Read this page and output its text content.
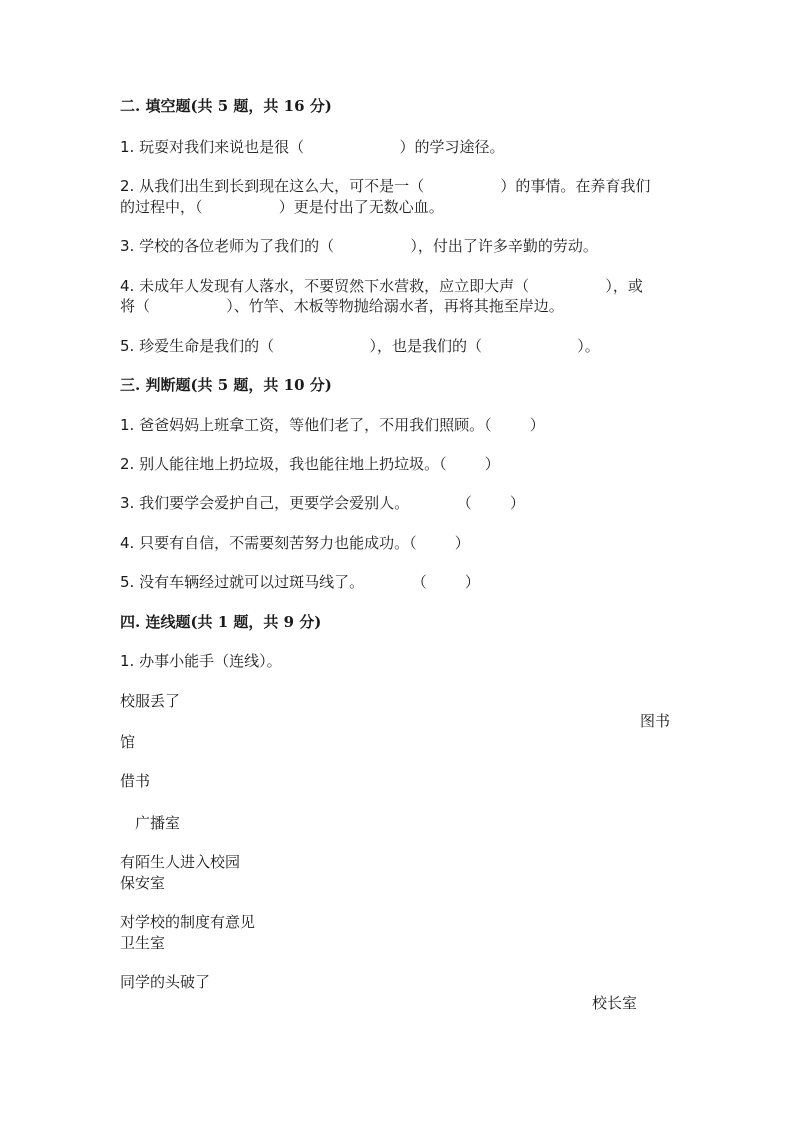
二. 填空题(共 5 题，共 16 分)
1. 玩耍对我们来说也是很（                    ）的学习途径。
2. 从我们出生到长到现在这么大，可不是一（                ）的事情。在养育我们
的过程中，（                ）更是付出了无数心血。
3. 学校的各位老师为了我们的（                ），付出了许多辛勤的劳动。
4. 未成年人发现有人落水，不要贸然下水营救，应立即大声（                ），或
将（                ）、竹竿、木板等物抛给溺水者，再将其拖至岸边。
5. 珍爱生命是我们的（                    ），也是我们的（                    ）。
三. 判断题(共 5 题，共 10 分)
1. 爸爸妈妈上班拿工资，等他们老了，不用我们照顾。（        ）
2. 别人能往地上扔垃圾，我也能往地上扔垃圾。（        ）
3. 我们要学会爱护自己，更要学会爱别人。          （        ）
4. 只要有自信，不需要刻苦努力也能成功。（        ）
5. 没有车辆经过就可以过斑马线了。          （        ）
四. 连线题(共 1 题，共 9 分)
1. 办事小能手（连线）。
校服丢了
图书
馆
借书
广播室
有陌生人进入校园
保安室
对学校的制度有意见
卫生室
同学的头破了
校长室
